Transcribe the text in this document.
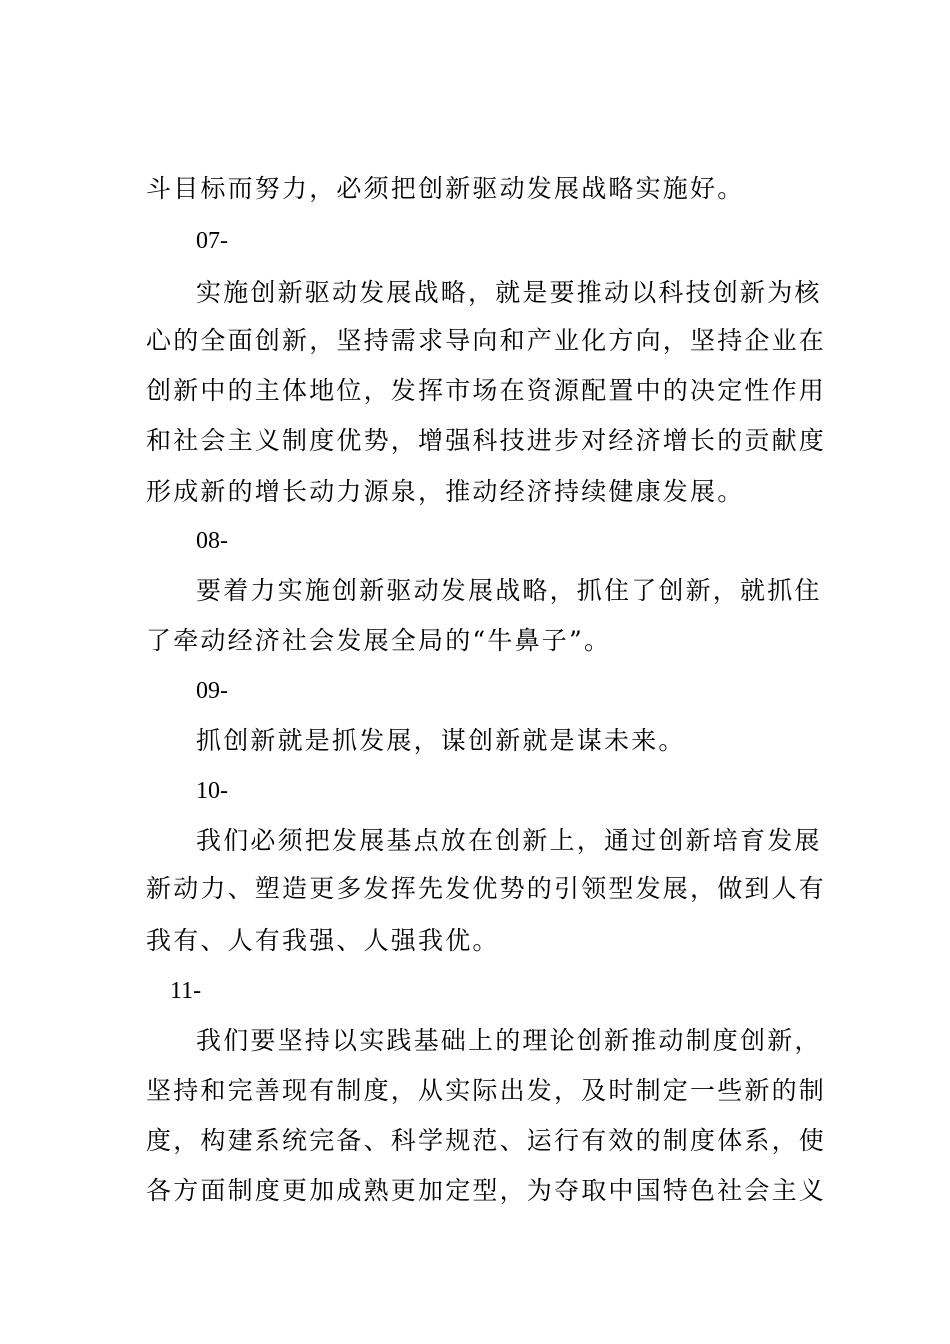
斗目标而努力，必须把创新驱动发展战略实施好。
07-
实施创新驱动发展战略，就是要推动以科技创新为核
心的全面创新，坚持需求导向和产业化方向，坚持企业在
创新中的主体地位，发挥市场在资源配置中的决定性作用
和社会主义制度优势，增强科技进步对经济增长的贡献度
形成新的增长动力源泉，推动经济持续健康发展。
08-
要着力实施创新驱动发展战略，抓住了创新，就抓住
了牵动经济社会发展全局的“牛鼻子”。
09-
抓创新就是抓发展，谋创新就是谋未来。
10-
我们必须把发展基点放在创新上，通过创新培育发展
新动力、塑造更多发挥先发优势的引领型发展，做到人有
我有、人有我强、人强我优。
11-
我们要坚持以实践基础上的理论创新推动制度创新，
坚持和完善现有制度，从实际出发，及时制定一些新的制
度，构建系统完备、科学规范、运行有效的制度体系，使
各方面制度更加成熟更加定型，为夺取中国特色社会主义
